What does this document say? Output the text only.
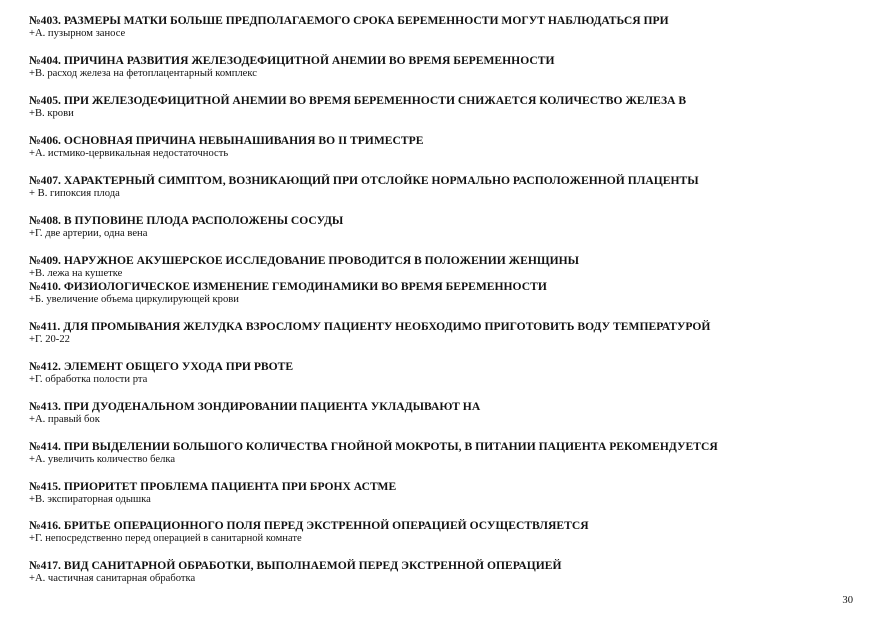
№403. РАЗМЕРЫ МАТКИ БОЛЬШЕ ПРЕДПОЛАГАЕМОГО СРОКА БЕРЕМЕННОСТИ МОГУТ НАБЛЮДАТЬСЯ ПРИ
+А. пузырном заносе
№404. ПРИЧИНА РАЗВИТИЯ ЖЕЛЕЗОДЕФИЦИТНОЙ АНЕМИИ ВО ВРЕМЯ БЕРЕМЕННОСТИ
+В. расход железа на фетоплацентарный комплекс
№405. ПРИ ЖЕЛЕЗОДЕФИЦИТНОЙ АНЕМИИ ВО ВРЕМЯ БЕРЕМЕННОСТИ СНИЖАЕТСЯ КОЛИЧЕСТВО ЖЕЛЕЗА В
+В. крови
№406. ОСНОВНАЯ ПРИЧИНА НЕВЫНАШИВАНИЯ ВО II ТРИМЕСТРЕ
+А. истмико-цервикальная недостаточность
№407. ХАРАКТЕРНЫЙ СИМПТОМ, ВОЗНИКАЮЩИЙ ПРИ ОТСЛОЙКЕ НОРМАЛЬНО РАСПОЛОЖЕННОЙ ПЛАЦЕНТЫ
+ В. гипоксия плода
№408. В ПУПОВИНЕ ПЛОДА РАСПОЛОЖЕНЫ СОСУДЫ
+Г. две артерии, одна вена
№409. НАРУЖНОЕ АКУШЕРСКОЕ ИССЛЕДОВАНИЕ ПРОВОДИТСЯ В ПОЛОЖЕНИИ ЖЕНЩИНЫ
+В. лежа на кушетке
№410. ФИЗИОЛОГИЧЕСКОЕ ИЗМЕНЕНИЕ ГЕМОДИНАМИКИ ВО ВРЕМЯ БЕРЕМЕННОСТИ
+Б. увеличение объема циркулирующей крови
№411. ДЛЯ ПРОМЫВАНИЯ ЖЕЛУДКА ВЗРОСЛОМУ ПАЦИЕНТУ НЕОБХОДИМО ПРИГОТОВИТЬ ВОДУ ТЕМПЕРАТУРОЙ
+Г. 20-22
№412. ЭЛЕМЕНТ ОБЩЕГО УХОДА ПРИ РВОТЕ
+Г. обработка полости рта
№413. ПРИ ДУОДЕНАЛЬНОМ ЗОНДИРОВАНИИ ПАЦИЕНТА УКЛАДЫВАЮТ НА
+А. правый бок
№414. ПРИ ВЫДЕЛЕНИИ БОЛЬШОГО КОЛИЧЕСТВА ГНОЙНОЙ МОКРОТЫ, В ПИТАНИИ ПАЦИЕНТА РЕКОМЕНДУЕТСЯ
+А. увеличить количество белка
№415. ПРИОРИТЕТ ПРОБЛЕМА ПАЦИЕНТА ПРИ БРОНХ АСТМЕ
+В. экспираторная одышка
№416. БРИТЬЕ ОПЕРАЦИОННОГО ПОЛЯ ПЕРЕД ЭКСТРЕННОЙ ОПЕРАЦИЕЙ ОСУЩЕСТВЛЯЕТСЯ
+Г. непосредственно перед операцией в санитарной комнате
№417. ВИД САНИТАРНОЙ ОБРАБОТКИ, ВЫПОЛНАЕМОЙ ПЕРЕД ЭКСТРЕННОЙ ОПЕРАЦИЕЙ
+А. частичная санитарная обработка
30
